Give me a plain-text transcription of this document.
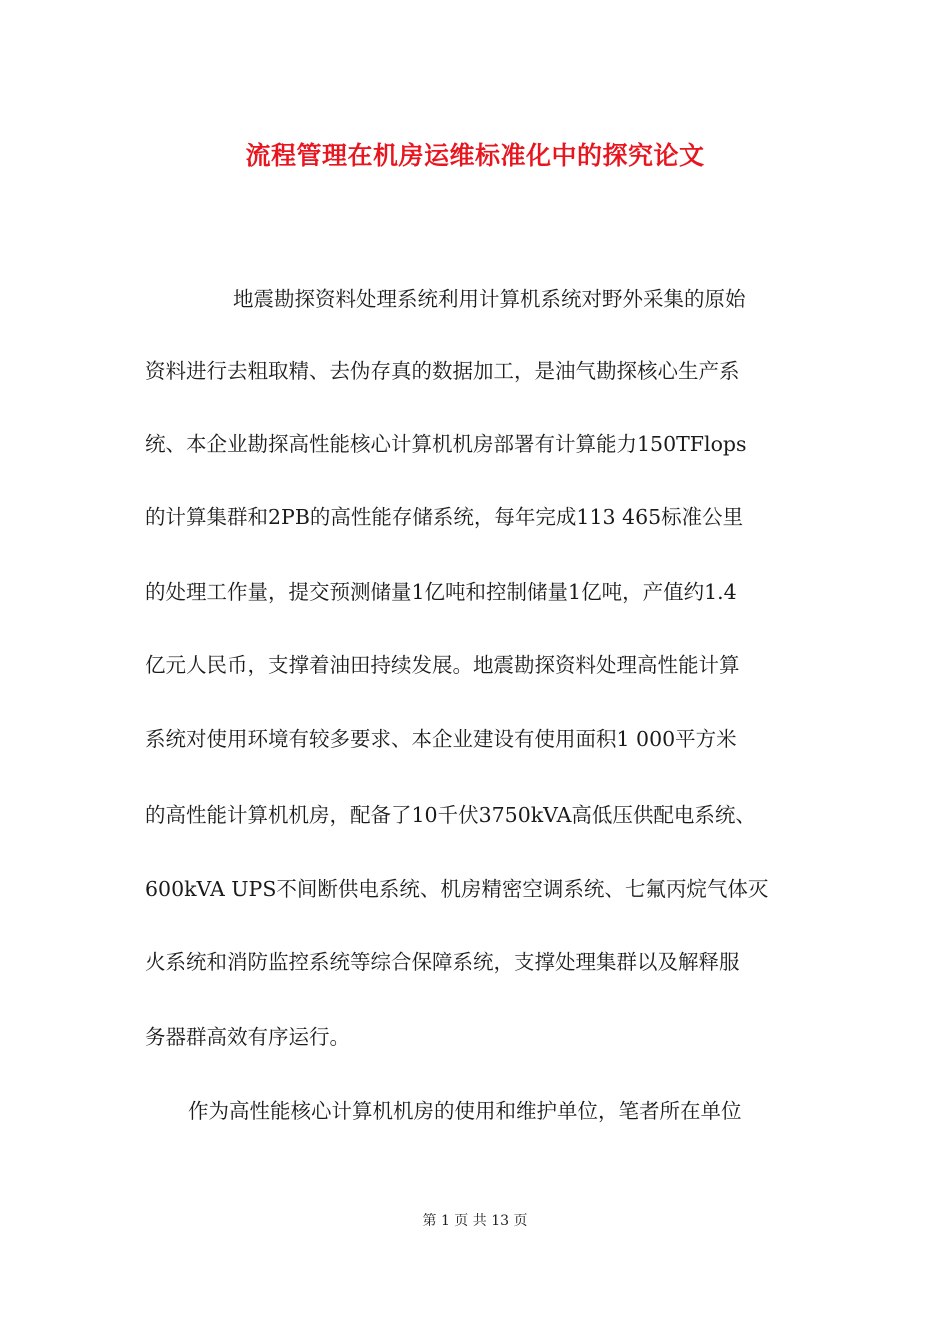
流程管理在机房运维标准化中的探究论文
地震勘探资料处理系统利用计算机系统对野外采集的原始
资料进行去粗取精、去伪存真的数据加工，是油气勘探核心生产系
统、本企业勘探高性能核心计算机机房部署有计算能力150TFlops
的计算集群和2PB的高性能存储系统，每年完成113 465标准公里
的处理工作量，提交预测储量1亿吨和控制储量1亿吨，产值约1.4
亿元人民币，支撑着油田持续发展。地震勘探资料处理高性能计算
系统对使用环境有较多要求、本企业建设有使用面积1 000平方米
的高性能计算机机房，配备了10千伏3750kVA高低压供配电系统、
600kVA UPS不间断供电系统、机房精密空调系统、七氟丙烷气体灭
火系统和消防监控系统等综合保障系统，支撑处理集群以及解释服
务器群高效有序运行。
作为高性能核心计算机机房的使用和维护单位，笔者所在单位
第 1 页 共 13 页
